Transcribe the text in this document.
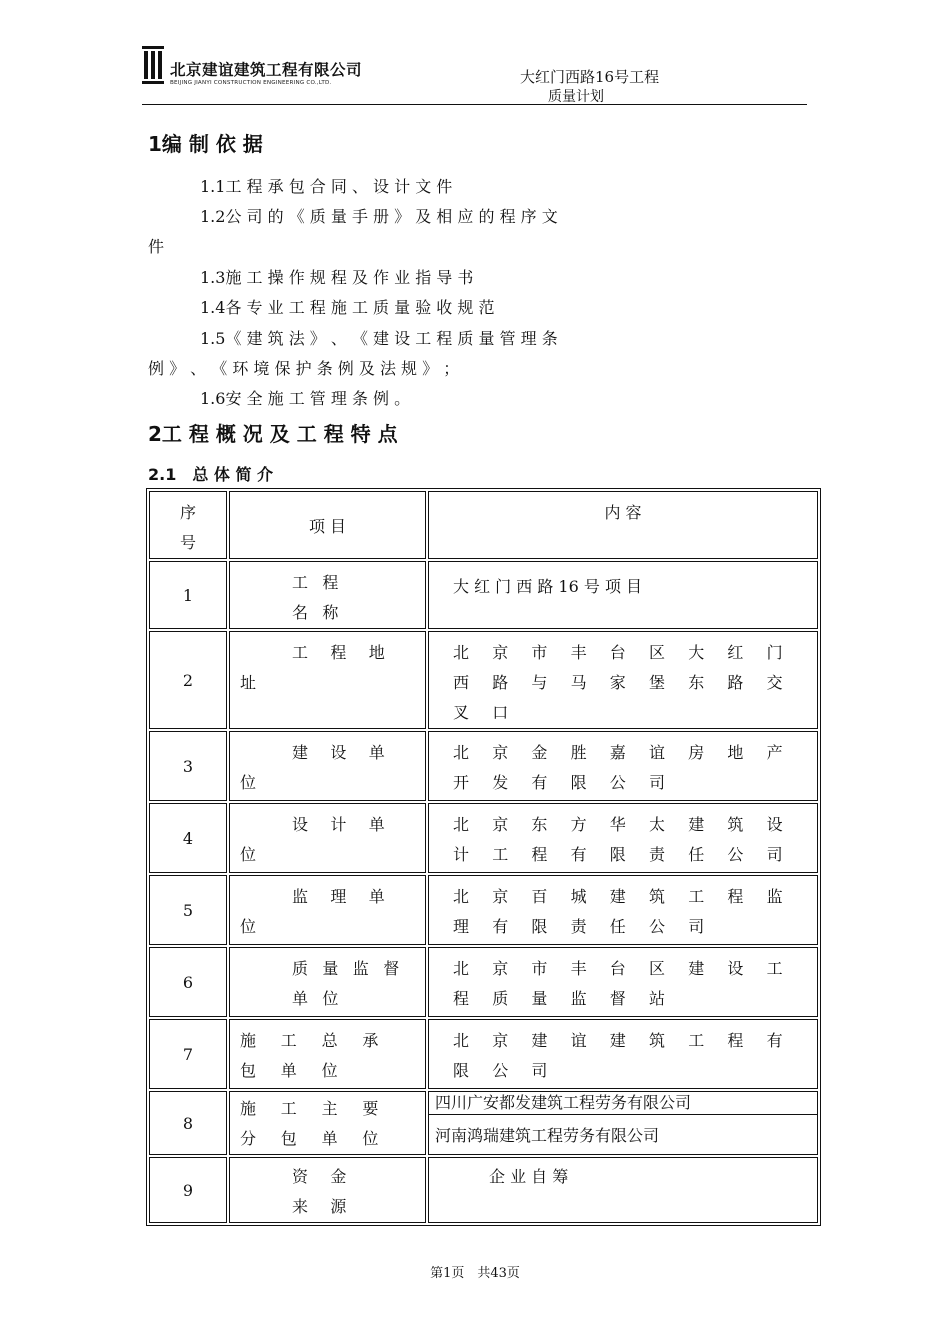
北京建谊建筑工程有限公司
BEIJING JIANYI CONSTRUCTION ENGINEERING CO.,LTD.	大红门西路16号工程
质量计划
1编 制 依 据
1.1工 程 承 包 合 同 、 设 计 文 件
1.2公 司 的 《 质 量 手 册 》 及 相 应 的 程 序 文
件
1.3施 工 操 作 规 程 及 作 业 指 导 书
1.4各 专 业 工 程 施 工 质 量 验 收 规 范
1.5《 建 筑 法 》 、 《 建 设 工 程 质 量 管 理 条
例 》 、 《 环 境 保 护 条 例 及 法 规 》 ；
1.6安 全 施 工 管 理 条 例 。
2工 程 概 况 及 工 程 特 点
2.1　总 体 简 介
序号	项 目	内 容
1	工程名称	大 红 门 西 路 16 号 项 目
2	工程地址	北京市丰台区大红门西路与马家堡东路交叉口
3	建设单位	北京金胜嘉谊房地产开发有限公司
4	设计单位	北京东方华太建筑设计工程有限责任公司
5	监理单位	北京百城建筑工程监理有限责任公司
6	质量监督单位	北京市丰台区建设工程质量监督站
7	施工总承包单位	北京建谊建筑工程有限公司
8	施工主要分包单位	四川广安都发建筑工程劳务有限公司
河南鸿瑞建筑工程劳务有限公司

9	资金来源	企 业 自 筹
第1页　共43页
